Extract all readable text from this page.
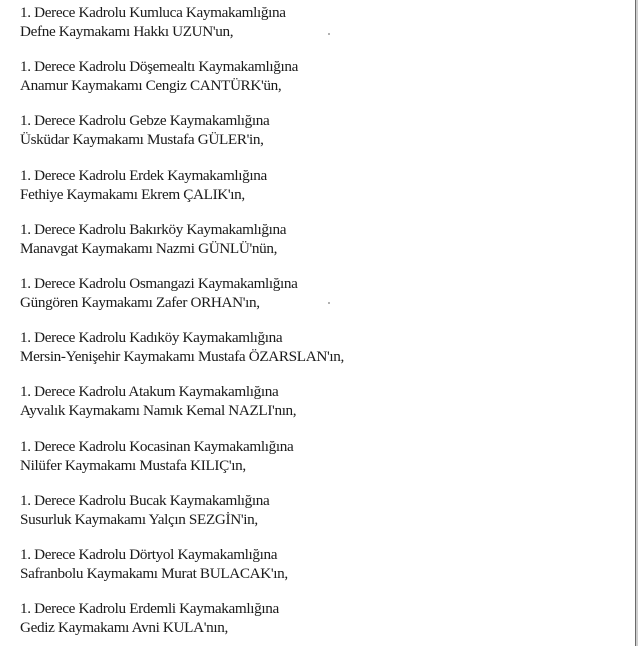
1. Derece Kadrolu Kumluca Kaymakamlığına
Defne Kaymakamı Hakkı UZUN'un,
1. Derece Kadrolu Döşemealtı Kaymakamlığına
Anamur Kaymakamı Cengiz CANTÜRK'ün,
1. Derece Kadrolu Gebze Kaymakamlığına
Üsküdar Kaymakamı Mustafa GÜLER'in,
1. Derece Kadrolu Erdek Kaymakamlığına
Fethiye Kaymakamı Ekrem ÇALIK'ın,
1. Derece Kadrolu Bakırköy Kaymakamlığına
Manavgat Kaymakamı Nazmi GÜNLÜ'nün,
1. Derece Kadrolu Osmangazi Kaymakamlığına
Güngören Kaymakamı Zafer ORHAN'ın,
1. Derece Kadrolu Kadıköy Kaymakamlığına
Mersin-Yenişehir Kaymakamı Mustafa ÖZARSLAN'ın,
1. Derece Kadrolu Atakum Kaymakamlığına
Ayvalık Kaymakamı Namık Kemal NAZLI'nın,
1. Derece Kadrolu Kocasinan Kaymakamlığına
Nilüfer Kaymakamı Mustafa KILIÇ'ın,
1. Derece Kadrolu Bucak Kaymakamlığına
Susurluk Kaymakamı Yalçın SEZGİN'in,
1. Derece Kadrolu Dörtyol Kaymakamlığına
Safranbolu Kaymakamı Murat BULACAK'ın,
1. Derece Kadrolu Erdemli Kaymakamlığına
Gediz Kaymakamı Avni KULA'nın,
